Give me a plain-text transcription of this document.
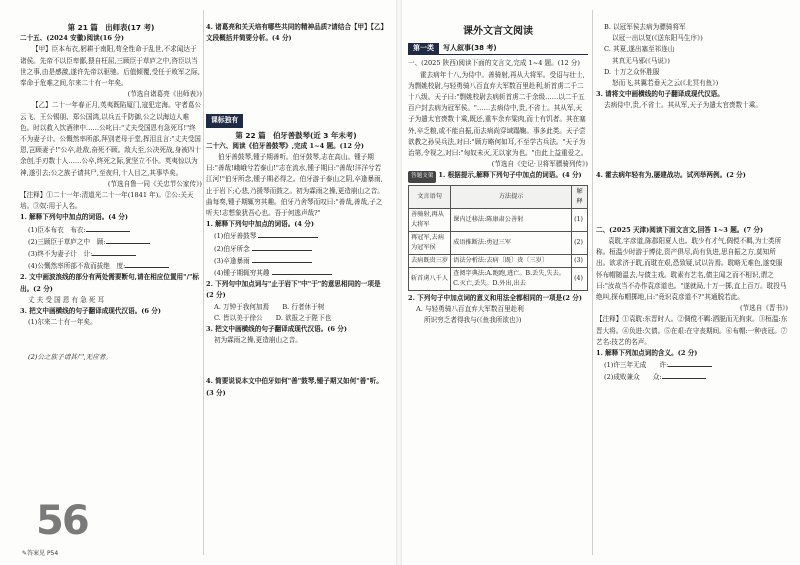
第 21 篇　出师表(17 考)

二十五、(2024 安徽)阅读(16 分)

【甲】臣本布衣,躬耕于南阳,苟全性命于乱世,不求闻达于诸侯。先帝不以臣卑鄙,猥自枉屈,三顾臣于草庐之中,咨臣以当世之事,由是感激,遂许先帝以驱驰。后值倾覆,受任于败军之际,奉命于危难之间,尔来二十有一年矣。

(节选自诸葛亮《出师表》)

【乙】二十一年春正月,英夷既陷厦门,寇犯定海。守者葛公云飞、王公锡朋、郑公国鸿,以兵五千防御,公之以海边人难色。时以救入饮酒律中……公叱曰:"丈夫受国恩有急死耳!"终不为妻子计。公慨然率所部,拜别老母于堂,挥泪且言:"丈夫受国恩,岂顾妻子!"公卒,赴敌,奋死不顾。敌大至,公决死战,身被四十余创,手刃数十人……公卒,终死之际,犹坚立不仆。英夷惊以为神,遂引去;公之族子请其尸,至夜归,十人目之,其事毕矣。

(节选自鲁一同《关忠节公家传》)

【注释】①二十一年:清道光二十一年(1841 年)。②公:关天培。③奴:用于人名。

1. 解释下列句中加点的词语。(4 分)

(1)臣本布衣　 布衣:

(2)三顾臣于草庐之中　 顾:

(3)终不为妻子计　 计:

(4)公慨然率所部不敌而拔绝　 度:

2. 文中画波浪线的部分有两处需要断句,请在相应位置用"/"标出。(2 分)

丈 夫 受 国 恩 有 急 死 耳

3. 把文中画横线的句子翻译成现代汉语。(6 分)

(1)尔来二十有一年矣。

(2)公之族子请其尸,无应者。

56
✎答案见 P54

4. 诸葛亮和关天培有哪些共同的精神品质?请结合【甲】【乙】文段概括并简要分析。(4 分)

课标独有

第 22 篇　伯牙善鼓琴(近 3 年未考)

二十六、阅读《伯牙善鼓琴》,完成 1~4 题。(12 分)

伯牙善鼓琴,锺子期善听。伯牙鼓琴,志在高山。锺子期曰:"善哉!峨峨兮若泰山!"志在流水,锺子期曰:"善哉!洋洋兮若江河!"伯牙所念,锺子期必得之。伯牙游于泰山之阴,卒逢暴雨,止于岩下;心悲,乃援琴而鼓之。初为霖雨之操,更造崩山之音。曲每奏,锺子期辄穷其趣。伯牙乃舍琴而叹曰:"善哉,善哉,子之听夫!志想象犹吾心也。吾于何逃声哉?"

1. 解释下列句中加点的词语。(4 分)

(1)伯牙善鼓琴

(2)伯牙所念

(3)卒逢暴雨

(4)锺子期辄穷其趣

2. 下列句中加点词与"止于岩下"中"于"的意思相同的一项是(2 分)

A. 万钟于我何加焉　　 B. 行者休于树

C. 皆以美于徐公　　 D. 欲报之于陛下也

3. 把文中画横线的句子翻译成现代汉语。(6 分)

初为霖雨之操,更造崩山之音。

4. 简要说说本文中伯牙如何"善"鼓琴,锺子期又如何"善"听。(3 分)

课外文言文阅读

第一类 写人叙事(38 考)

一、(2025 陕西)阅读下面的文言文,完成 1~4 题。(12 分)

霍去病年十八,为侍中。善骑射,再从大将军。受诏与壮士,为剽姚校尉,与轻勇骑八百直弃大军数百里赴利,斩首虏二千二十八级。天子曰:"剽姚校尉去病斩首虏二千余级……以二千五百户封去病为冠军侯。"……去病侍中,贵,不省士。其从军,天子为遣太官赍数十乘,既还,重车余弃粱肉,而士有饥者。其在塞外,卒乏粮,或不能自振,而去病尚穿域蹋鞠。事多此类。天子尝欲教之孙吴兵法,对曰:"顾方略何如耳,不至学古兵法。"天子为治第,令视之,对曰:"匈奴未灭,无以家为也。"由此上益重爱之。

(节选自《史记·卫将军骠骑列传》)

答题支架 1. 根据提示,解释下列句子中加点的词语。(4 分)

文言语句	方法提示	解释
善骑射,再从大将军	课内迁移法:陈康肃公善射	(1)
再冠军,去病为冠军侯	成语推断法:勇冠三军	(2)
去病既贵三岁	语法分析法:去病〔既〕贵〔三岁〕	(3)
斩首虏八千人	查阅字典法:A.跑跑,逃亡。B.丢失,失去。C.灭亡,丢失。D.外出,出去	(4)

2. 下列句子中加点词的意义和用法全都相同的一项是(2 分)

A. 与轻勇骑八百直弃大军数百里赴利

所识穷乏者得我与(《鱼我所欲也》)

B. 以冠军侯去病为骠骑将军

以冠一出以复(《送东阳马生序》)

C. 其夏,遂出塞至祁连山

其真无马邪(《马说》)

D. 十万之众怀胜服

怒而飞,其翼若垂天之云(《北冥有鱼》)

3. 请将文中画横线的句子翻译成现代汉语。

去病侍中,贵,不省士。其从军,天子为遣太官赍数十乘。

4. 霍去病年轻有为,屡建战功。试列举两例。(2 分)

二、(2025 天津)阅读下面文言文,回答 1~3 题。(7 分)

袁耽,字彦道,陈郡阳夏人也。耽少有才气,倜傥不羁,为士类所称。桓温少时游于博徒,资产俱尽,尚有负进,思自振之方,莫知所出。欲求济于耽,而耽在艰,恐致疑,试以告焉。耽略无难色,遂变服怀布帽随温去,与债主戏。耽素有艺名,债主闻之而不相识,谓之曰:"汝故当不办作袁彦道也。"遂就局,十万一掷,直上百万。耽投马绝叫,探布帽掷地,曰:"竟识袁彦道不?"其通脱若此。

(节选自《晋书》)

【注释】①袁耽:东晋时人。②倜傥不羁:洒脱而无拘束。③桓温:东晋大将。④负进:欠债。⑤在艰:在守丧期间。⑥布帽:一种丧冠。⑦艺名:技艺的名声。

1. 解释下列加点词的含义。(2 分)

(1)许三年无成　　 许:

(2)成败兼众　　 众:
